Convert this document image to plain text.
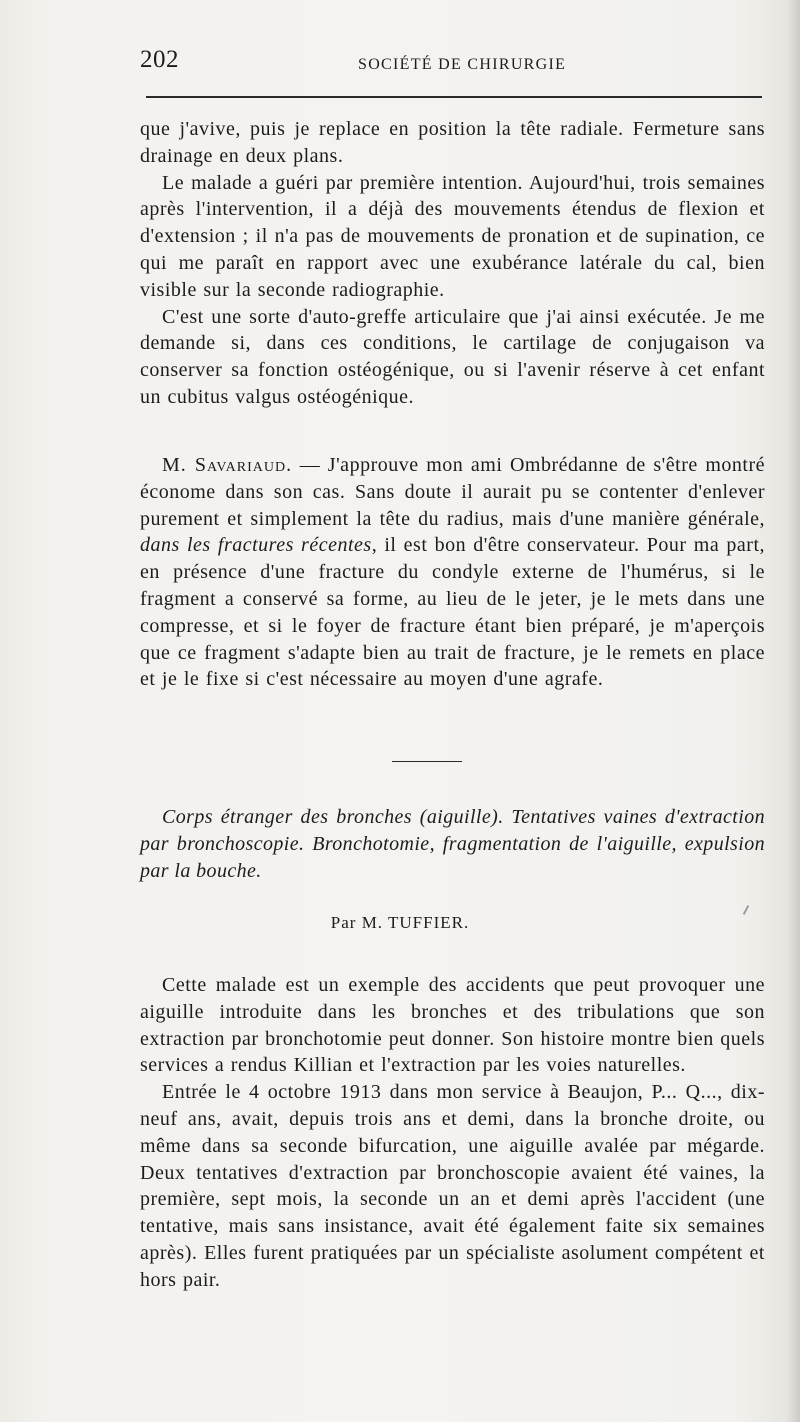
202	SOCIÉTÉ DE CHIRURGIE

que j'avive, puis je replace en position la tête radiale. Fermeture sans drainage en deux plans.

Le malade a guéri par première intention. Aujourd'hui, trois semaines après l'intervention, il a déjà des mouvements étendus de flexion et d'extension ; il n'a pas de mouvements de pronation et de supination, ce qui me paraît en rapport avec une exubérance latérale du cal, bien visible sur la seconde radiographie.

C'est une sorte d'auto-greffe articulaire que j'ai ainsi exécutée. Je me demande si, dans ces conditions, le cartilage de conjugaison va conserver sa fonction ostéogénique, ou si l'avenir réserve à cet enfant un cubitus valgus ostéogénique.

M. Savariaud. — J'approuve mon ami Ombrédanne de s'être montré économe dans son cas. Sans doute il aurait pu se contenter d'enlever purement et simplement la tête du radius, mais d'une manière générale, dans les fractures récentes, il est bon d'être conservateur. Pour ma part, en présence d'une fracture du condyle externe de l'humérus, si le fragment a conservé sa forme, au lieu de le jeter, je le mets dans une compresse, et si le foyer de fracture étant bien préparé, je m'aperçois que ce fragment s'adapte bien au trait de fracture, je le remets en place et je le fixe si c'est nécessaire au moyen d'une agrafe.

Corps étranger des bronches (aiguille). Tentatives vaines d'extraction par bronchoscopie. Bronchotomie, fragmentation de l'aiguille, expulsion par la bouche.

Par M. TUFFIER.

Cette malade est un exemple des accidents que peut provoquer une aiguille introduite dans les bronches et des tribulations que son extraction par bronchotomie peut donner. Son histoire montre bien quels services a rendus Killian et l'extraction par les voies naturelles.

Entrée le 4 octobre 1913 dans mon service à Beaujon, P... Q..., dix-neuf ans, avait, depuis trois ans et demi, dans la bronche droite, ou même dans sa seconde bifurcation, une aiguille avalée par mégarde. Deux tentatives d'extraction par bronchoscopie avaient été vaines, la première, sept mois, la seconde un an et demi après l'accident (une tentative, mais sans insistance, avait été également faite six semaines après). Elles furent pratiquées par un spécialiste asolument compétent et hors pair.
